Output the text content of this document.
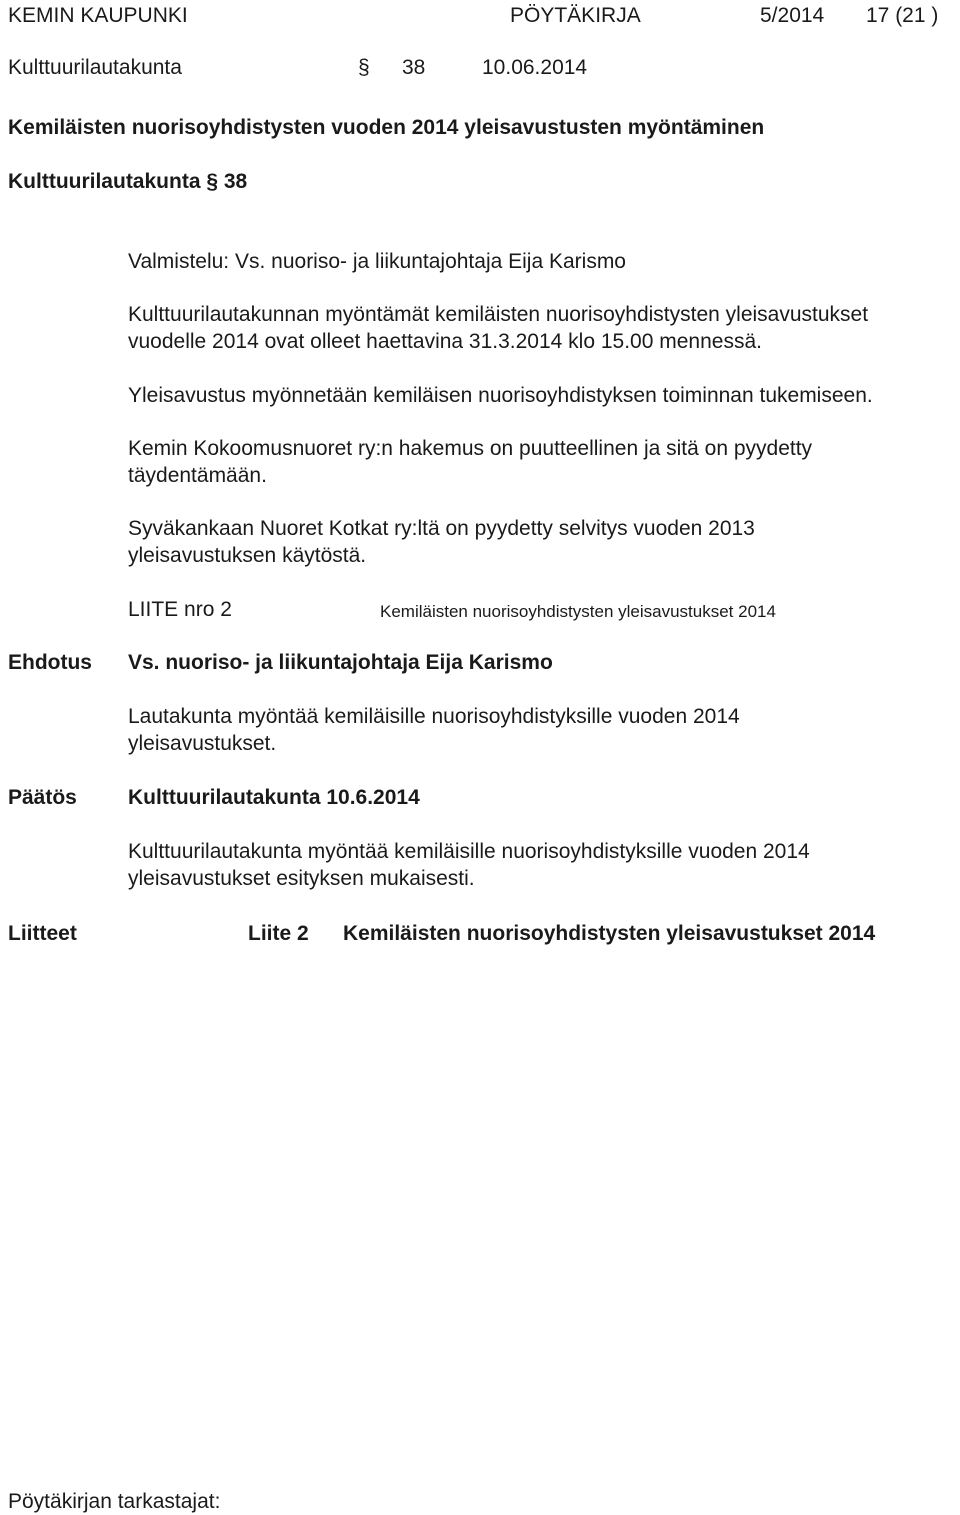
KEMIN KAUPUNKI	PÖYTÄKIRJA	5/2014 17 (21 )
Kulttuurilautakunta	§ 38	10.06.2014
Kemiläisten nuorisoyhdistysten vuoden 2014 yleisavustusten myöntäminen
Kulttuurilautakunta § 38
Valmistelu: Vs. nuoriso- ja liikuntajohtaja Eija Karismo
Kulttuurilautakunnan myöntämät kemiläisten nuorisoyhdistysten yleisavustukset vuodelle 2014 ovat olleet haettavina 31.3.2014 klo 15.00 mennessä.
Yleisavustus myönnetään kemiläisen nuorisoyhdistyksen toiminnan tukemiseen.
Kemin Kokoomusnuoret ry:n hakemus on puutteellinen ja sitä on pyydetty täydentämään.
Syväkankaan Nuoret Kotkat ry:ltä on pyydetty selvitys vuoden 2013 yleisavustuksen käytöstä.
LIITE nro 2	Kemiläisten nuorisoyhdistysten yleisavustukset 2014
Ehdotus Vs. nuoriso- ja liikuntajohtaja Eija Karismo
Lautakunta myöntää kemiläisille nuorisoyhdistyksille vuoden 2014 yleisavustukset.
Päätös Kulttuurilautakunta 10.6.2014
Kulttuurilautakunta myöntää kemiläisille nuorisoyhdistyksille vuoden 2014 yleisavustukset esityksen mukaisesti.
Liitteet	Liite 2 Kemiläisten nuorisoyhdistysten yleisavustukset 2014
Pöytäkirjan tarkastajat:
